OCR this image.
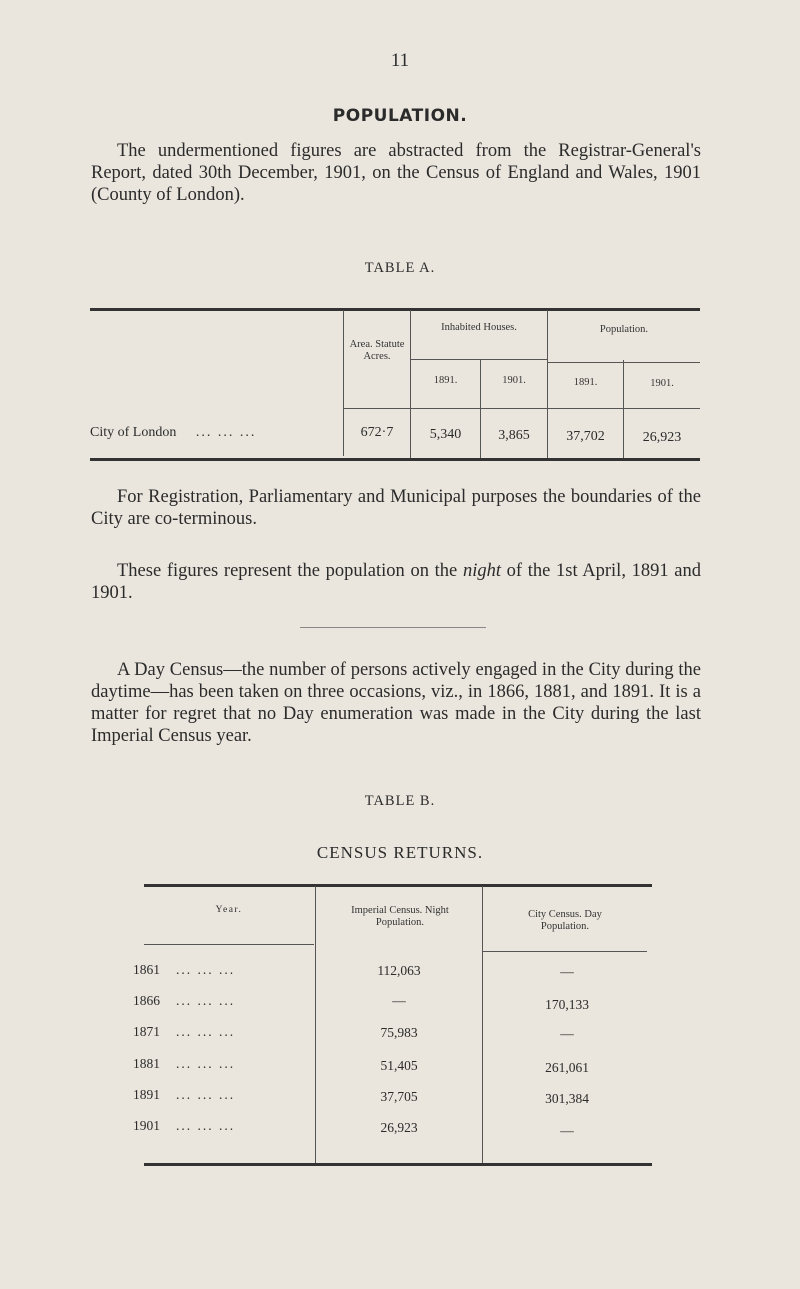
11
POPULATION.

The undermentioned figures are abstracted from the Registrar-General's Report, dated 30th December, 1901, on the Census of England and Wales, 1901 (County of London).

TABLE A.
Area. Statute Acres.
Inhabited Houses.	Population.
1891.	1901.	1891.	1901.
City of London ... ... ...	672·7	5,340	3,865	37,702	26,923

For Registration, Parliamentary and Municipal purposes the boundaries of the City are co-terminous.

These figures represent the population on the night of the 1st April, 1891 and 1901.

A Day Census—the number of persons actively engaged in the City during the daytime—has been taken on three occasions, viz., in 1866, 1881, and 1891. It is a matter for regret that no Day enumeration was made in the City during the last Imperial Census year.

TABLE B.
CENSUS RETURNS.
Year.	Imperial Census. Night Population.
City Census. Day Population.
1861 ... ... ...	112,063	—
1866 ... ... ...	—	170,133
1871 ... ... ...	75,983	—
1881 ... ... ...	51,405	261,061
1891 ... ... ...	37,705	301,384
1901 ... ... ...	26,923	—
